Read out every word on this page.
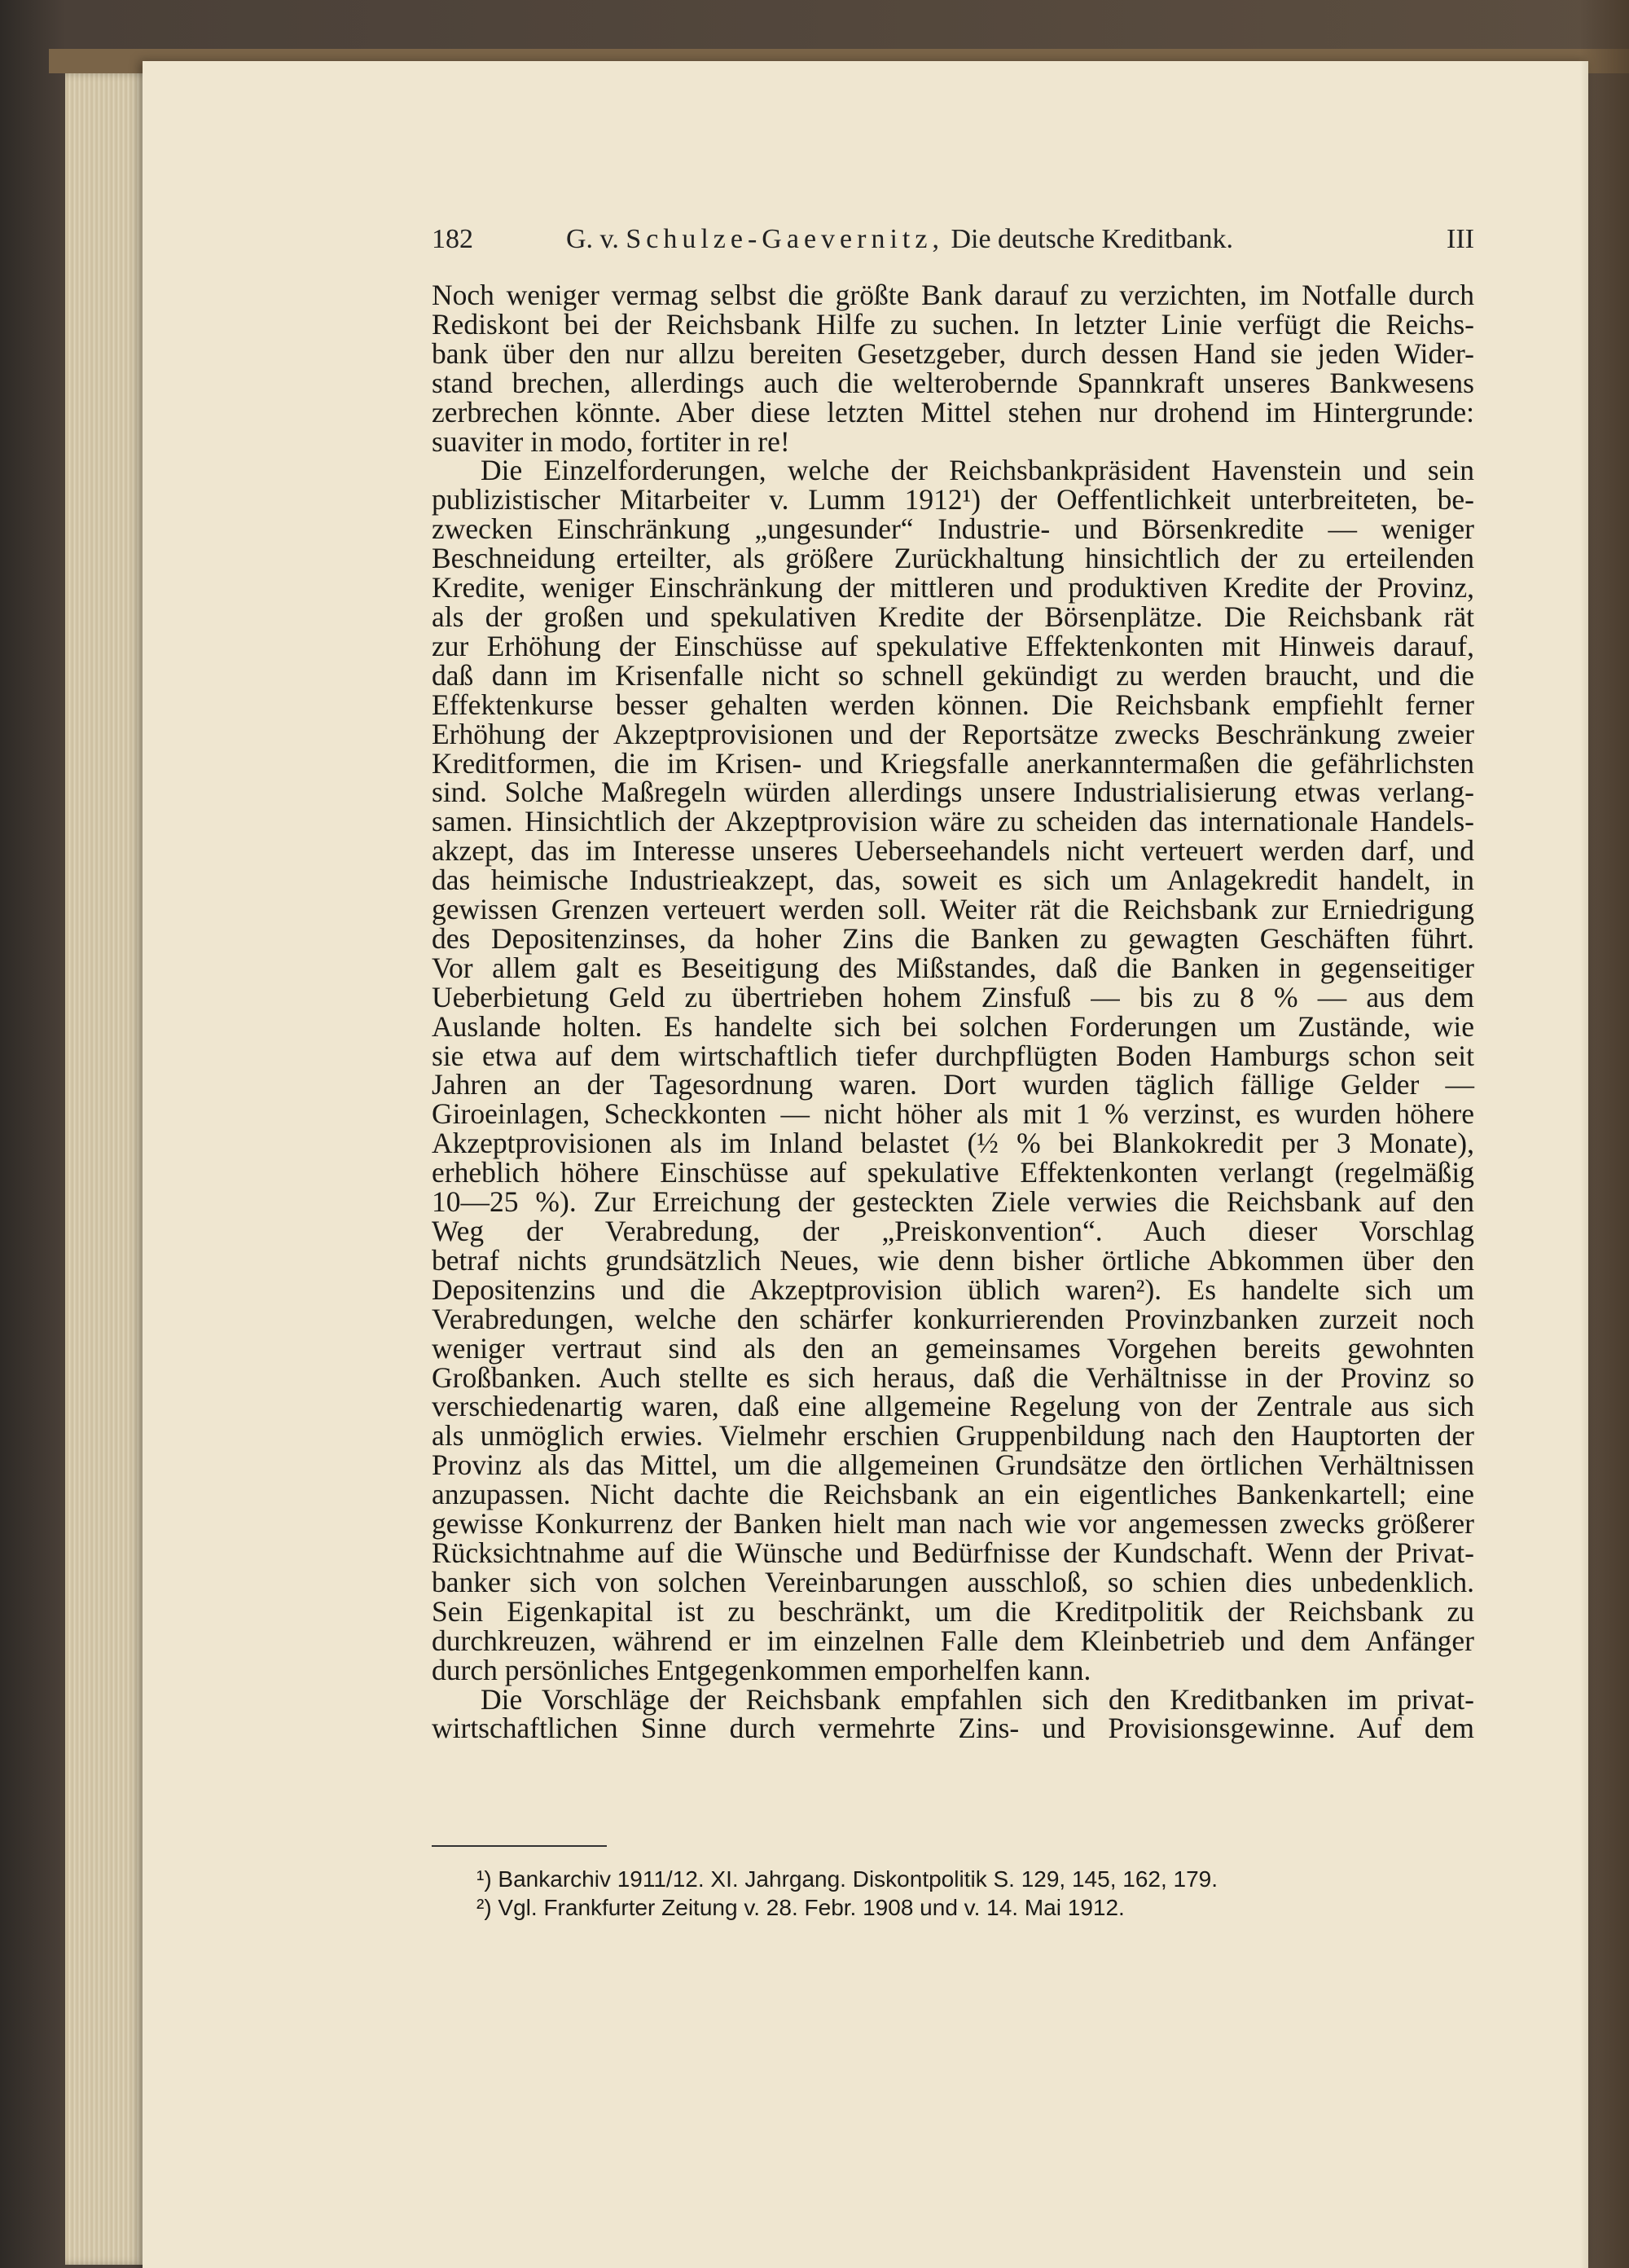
182	G. v. Schulze-Gaevernitz, Die deutsche Kreditbank.	III

Noch weniger vermag selbst die größte Bank darauf zu verzichten, im Notfalle durch

Rediskont bei der Reichsbank Hilfe zu suchen. In letzter Linie verfügt die Reichs-

bank über den nur allzu bereiten Gesetzgeber, durch dessen Hand sie jeden Wider-

stand brechen, allerdings auch die welterobernde Spannkraft unseres Bankwesens

zerbrechen könnte. Aber diese letzten Mittel stehen nur drohend im Hintergrunde:

suaviter in modo, fortiter in re!

Die Einzelforderungen, welche der Reichsbankpräsident Havenstein und sein

publizistischer Mitarbeiter v. Lumm 1912¹) der Oeffentlichkeit unterbreiteten, be-

zwecken Einschränkung „ungesunder“ Industrie- und Börsenkredite — weniger

Beschneidung erteilter, als größere Zurückhaltung hinsichtlich der zu erteilenden

Kredite, weniger Einschränkung der mittleren und produktiven Kredite der Provinz,

als der großen und spekulativen Kredite der Börsenplätze. Die Reichsbank rät

zur Erhöhung der Einschüsse auf spekulative Effektenkonten mit Hinweis darauf,

daß dann im Krisenfalle nicht so schnell gekündigt zu werden braucht, und die

Effektenkurse besser gehalten werden können. Die Reichsbank empfiehlt ferner

Erhöhung der Akzeptprovisionen und der Reportsätze zwecks Beschränkung zweier

Kreditformen, die im Krisen- und Kriegsfalle anerkanntermaßen die gefährlichsten

sind. Solche Maßregeln würden allerdings unsere Industrialisierung etwas verlang-

samen. Hinsichtlich der Akzeptprovision wäre zu scheiden das internationale Handels-

akzept, das im Interesse unseres Ueberseehandels nicht verteuert werden darf, und

das heimische Industrieakzept, das, soweit es sich um Anlagekredit handelt, in

gewissen Grenzen verteuert werden soll. Weiter rät die Reichsbank zur Erniedrigung

des Depositenzinses, da hoher Zins die Banken zu gewagten Geschäften führt.

Vor allem galt es Beseitigung des Mißstandes, daß die Banken in gegenseitiger

Ueberbietung Geld zu übertrieben hohem Zinsfuß — bis zu 8 % — aus dem

Auslande holten. Es handelte sich bei solchen Forderungen um Zustände, wie

sie etwa auf dem wirtschaftlich tiefer durchpflügten Boden Hamburgs schon seit

Jahren an der Tagesordnung waren. Dort wurden täglich fällige Gelder —

Giroeinlagen, Scheckkonten — nicht höher als mit 1 % verzinst, es wurden höhere

Akzeptprovisionen als im Inland belastet (½ % bei Blankokredit per 3 Monate),

erheblich höhere Einschüsse auf spekulative Effektenkonten verlangt (regelmäßig

10—25 %). Zur Erreichung der gesteckten Ziele verwies die Reichsbank auf den

Weg der Verabredung, der „Preiskonvention“. Auch dieser Vorschlag

betraf nichts grundsätzlich Neues, wie denn bisher örtliche Abkommen über den

Depositenzins und die Akzeptprovision üblich waren²). Es handelte sich um

Verabredungen, welche den schärfer konkurrierenden Provinzbanken zurzeit noch

weniger vertraut sind als den an gemeinsames Vorgehen bereits gewohnten

Großbanken. Auch stellte es sich heraus, daß die Verhältnisse in der Provinz so

verschiedenartig waren, daß eine allgemeine Regelung von der Zentrale aus sich

als unmöglich erwies. Vielmehr erschien Gruppenbildung nach den Hauptorten der

Provinz als das Mittel, um die allgemeinen Grundsätze den örtlichen Verhältnissen

anzupassen. Nicht dachte die Reichsbank an ein eigentliches Bankenkartell; eine

gewisse Konkurrenz der Banken hielt man nach wie vor angemessen zwecks größerer

Rücksichtnahme auf die Wünsche und Bedürfnisse der Kundschaft. Wenn der Privat-

banker sich von solchen Vereinbarungen ausschloß, so schien dies unbedenklich.

Sein Eigenkapital ist zu beschränkt, um die Kreditpolitik der Reichsbank zu

durchkreuzen, während er im einzelnen Falle dem Kleinbetrieb und dem Anfänger

durch persönliches Entgegenkommen emporhelfen kann.

Die Vorschläge der Reichsbank empfahlen sich den Kreditbanken im privat-

wirtschaftlichen Sinne durch vermehrte Zins- und Provisionsgewinne. Auf dem

¹) Bankarchiv 1911/12. XI. Jahrgang. Diskontpolitik S. 129, 145, 162, 179.
²) Vgl. Frankfurter Zeitung v. 28. Febr. 1908 und v. 14. Mai 1912.
